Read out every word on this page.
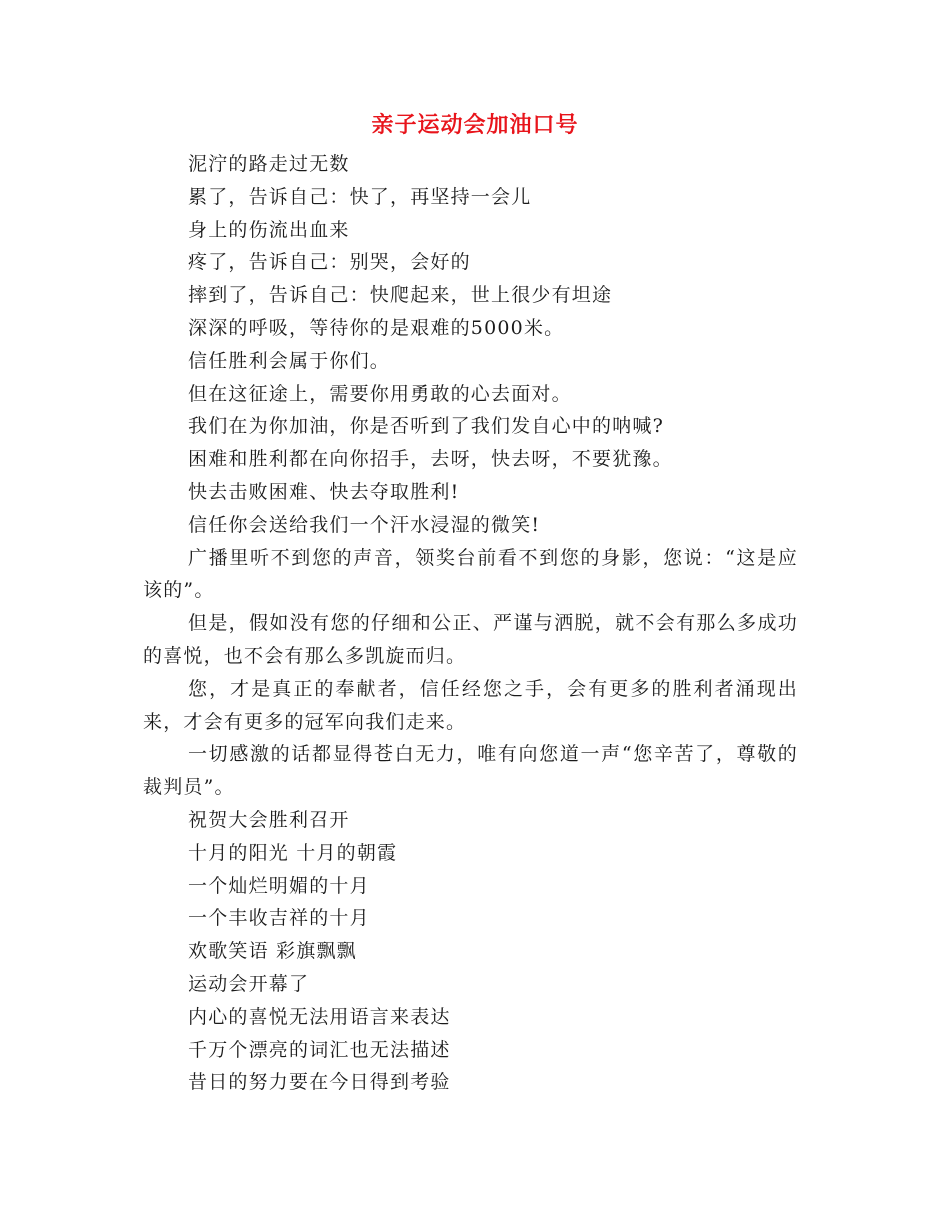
亲子运动会加油口号

泥泞的路走过无数

累了，告诉自己：快了，再坚持一会儿

身上的伤流出血来

疼了，告诉自己：别哭，会好的

摔到了，告诉自己：快爬起来，世上很少有坦途

深深的呼吸，等待你的是艰难的5000米。

信任胜利会属于你们。

但在这征途上，需要你用勇敢的心去面对。

我们在为你加油，你是否听到了我们发自心中的呐喊?

困难和胜利都在向你招手，去呀，快去呀，不要犹豫。

快去击败困难、快去夺取胜利!

信任你会送给我们一个汗水浸湿的微笑!

广播里听不到您的声音，领奖台前看不到您的身影，您说：“这是应该的”。

但是，假如没有您的仔细和公正、严谨与洒脱，就不会有那么多成功的喜悦，也不会有那么多凯旋而归。

您，才是真正的奉献者，信任经您之手，会有更多的胜利者涌现出来，才会有更多的冠军向我们走来。

一切感激的话都显得苍白无力，唯有向您道一声“您辛苦了，尊敬的裁判员”。

祝贺大会胜利召开

十月的阳光 十月的朝霞

一个灿烂明媚的十月

一个丰收吉祥的十月

欢歌笑语 彩旗飘飘

运动会开幕了

内心的喜悦无法用语言来表达

千万个漂亮的词汇也无法描述

昔日的努力要在今日得到考验
